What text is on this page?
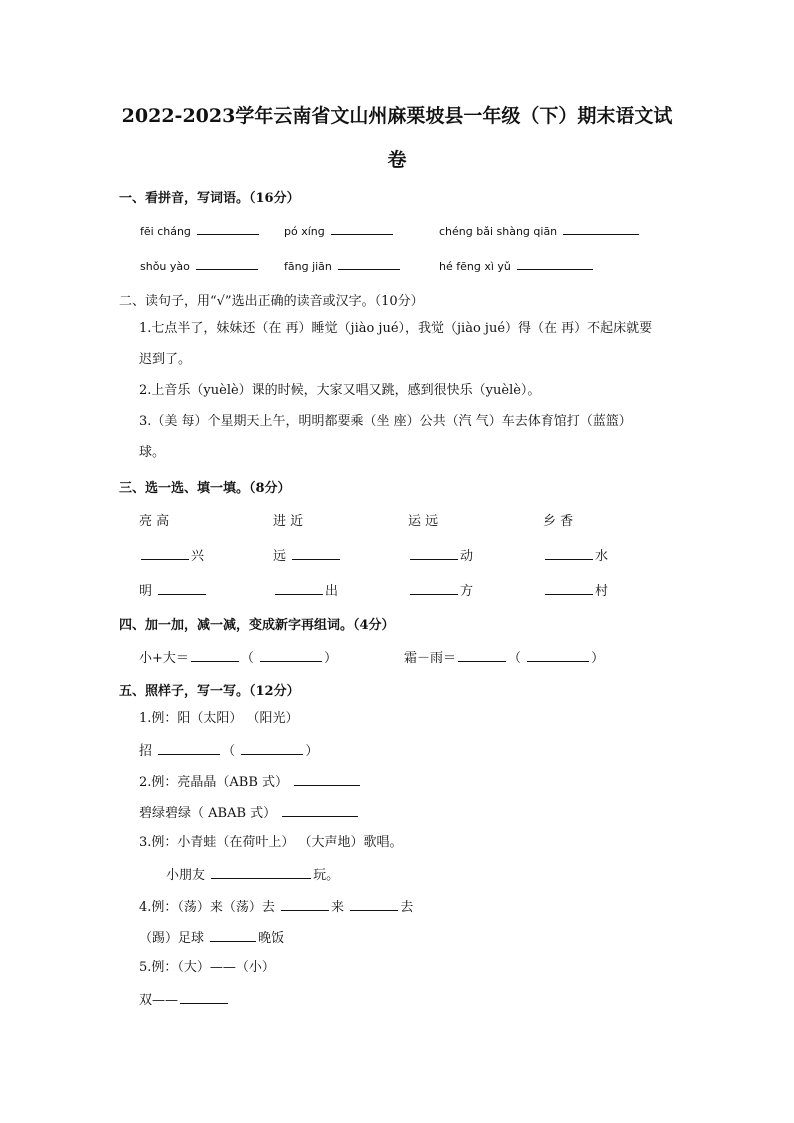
2022-2023学年云南省文山州麻栗坡县一年级（下）期末语文试
卷
一、看拼音，写词语。（16分）
fēi chánɡ	pó xínɡ	chénɡ bǎi shànɡ qiān
shǒu yào	fānɡ jiān	hé fēnɡ xì yǔ
二、读句子，用“√”选出正确的读音或汉字。（10分）
1.七点半了，妹妹还（在 再）睡觉（jiào jué），我觉（jiào jué）得（在 再）不起床就要
迟到了。
2.上音乐（yuèlè）课的时候，大家又唱又跳，感到很快乐（yuèlè）。
3.（美 每）个星期天上午，明明都要乘（坐 座）公共（汽 气）车去体育馆打（蓝篮）
球。
三、选一选、填一填。（8分）
亮 高	进 近	运 远	乡 香
兴	远	动	水
明	出	方	村
四、加一加，减一减，变成新字再组词。（4分）
小+大＝	（	）	霜－雨＝	（	）
五、照样子，写一写。（12分）
1.例：阳（太阳） （阳光）
招	（	）
2.例：亮晶晶（ABB 式）
碧绿碧绿（ ABAB 式）
3.例：小青蛙（在荷叶上） （大声地）歌唱。
小朋友	玩。
4.例：（荡）来（荡）去	来	去
（踢）足球	晚饭
5.例：（大）——（小）
双——
